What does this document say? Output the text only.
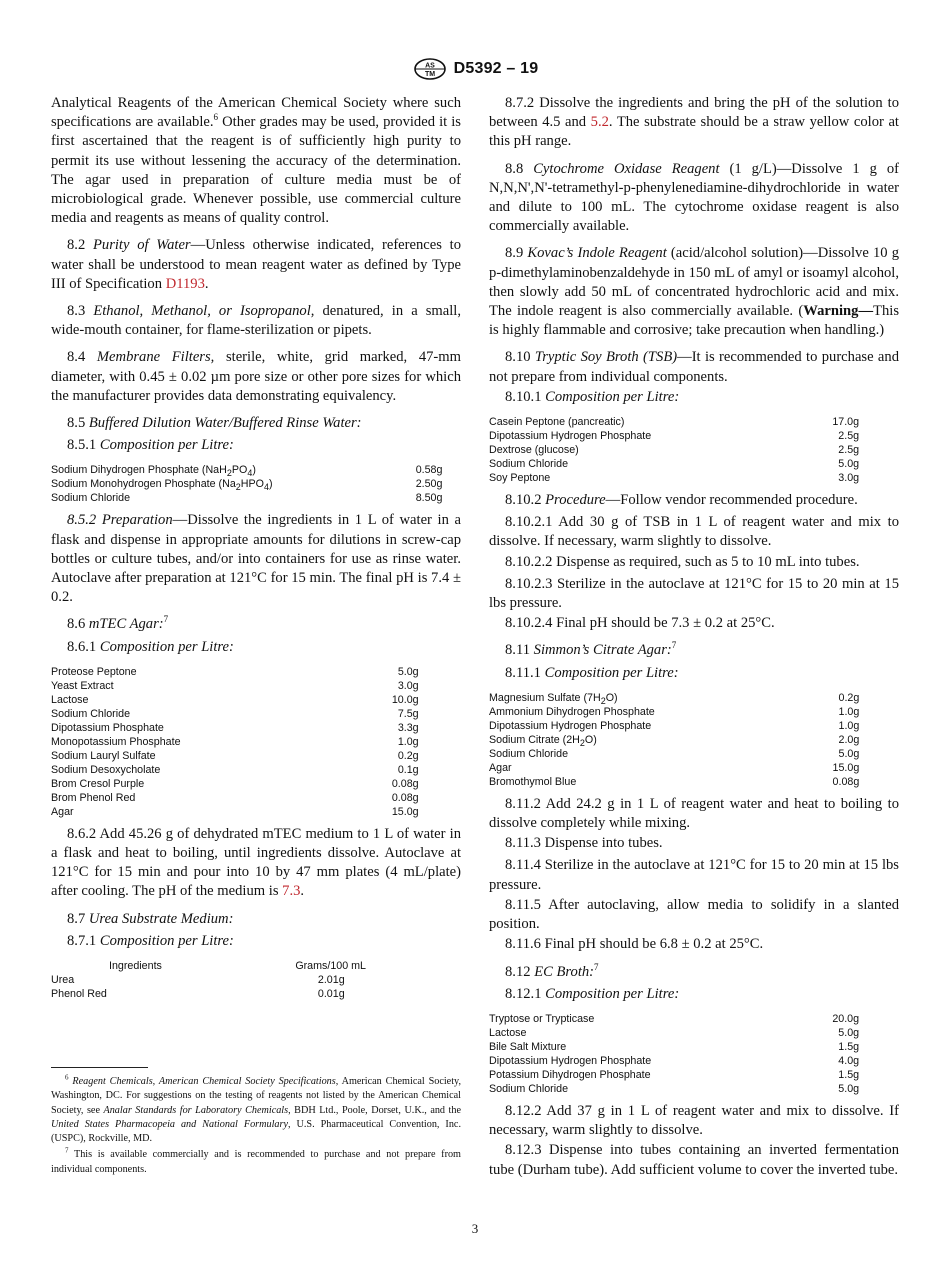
AS
TM D5392 – 19

Analytical Reagents of the American Chemical Society where such specifications are available.$^6$ Other grades may be used, provided it is first ascertained that the reagent is of sufficiently high purity to permit its use without lessening the accuracy of the determination. The agar used in preparation of culture media must be of microbiological grade. Whenever possible, use commercial culture media and reagents as means of quality control.

8.2 Purity of Water—Unless otherwise indicated, references to water shall be understood to mean reagent water as defined by Type III of Specification D1193.

8.3 Ethanol, Methanol, or Isopropanol, denatured, in a small, wide-mouth container, for flame-sterilization or pipets.

8.4 Membrane Filters, sterile, white, grid marked, 47-mm diameter, with 0.45 ± 0.02 µm pore size or other pore sizes for which the manufacturer provides data demonstrating equivalency.

8.5 Buffered Dilution Water/Buffered Rinse Water:

8.5.1 Composition per Litre:

Sodium Dihydrogen Phosphate $(NaH_2PO_4)$	0.58	g
Sodium Monohydrogen Phosphate $(Na_2HPO_4)$	2.50	g
Sodium Chloride	8.50	g

8.5.2 Preparation—Dissolve the ingredients in 1 L of water in a flask and dispense in appropriate amounts for dilutions in screw-cap bottles or culture tubes, and/or into containers for use as rinse water. Autoclave after preparation at 121°C for 15 min. The final pH is 7.4 ± 0.2.

8.6 mTEC Agar:$^7$

8.6.1 Composition per Litre:

Proteose Peptone	5.0	g
Yeast Extract	3.0	g
Lactose	10.0	g
Sodium Chloride	7.5	g
Dipotassium Phosphate	3.3	g
Monopotassium Phosphate	1.0	g
Sodium Lauryl Sulfate	0.2	g
Sodium Desoxycholate	0.1	g
Brom Cresol Purple	0.08	g
Brom Phenol Red	0.08	g
Agar	15.0	g

8.6.2 Add 45.26 g of dehydrated mTEC medium to 1 L of water in a flask and heat to boiling, until ingredients dissolve. Autoclave at 121°C for 15 min and pour into 10 by 47 mm plates (4 mL/plate) after cooling. The pH of the medium is 7.3.

8.7 Urea Substrate Medium:

8.7.1 Composition per Litre:

Ingredients	Grams/100 mL	
Urea	2.01	g
Phenol Red	0.01	g

$^6$ Reagent Chemicals, American Chemical Society Specifications, American Chemical Society, Washington, DC. For suggestions on the testing of reagents not listed by the American Chemical Society, see Analar Standards for Laboratory Chemicals, BDH Ltd., Poole, Dorset, U.K., and the United States Pharmacopeia and National Formulary, U.S. Pharmaceutical Convention, Inc. (USPC), Rockville, MD.

$^7$ This is available commercially and is recommended to purchase and not prepare from individual components.

8.7.2 Dissolve the ingredients and bring the pH of the solution to between 4.5 and 5.2. The substrate should be a straw yellow color at this pH range.

8.8 Cytochrome Oxidase Reagent (1 g/L)—Dissolve 1 g of N,N,N',N'-tetramethyl-p-phenylenediamine-dihydrochloride in water and dilute to 100 mL. The cytochrome oxidase reagent is also commercially available.

8.9 Kovac’s Indole Reagent (acid/alcohol solution)—Dissolve 10 g p-dimethylaminobenzaldehyde in 150 mL of amyl or isoamyl alcohol, then slowly add 50 mL of concentrated hydrochloric acid and mix. The indole reagent is also commercially available. (Warning—This is highly flammable and corrosive; take precaution when handling.)

8.10 Tryptic Soy Broth (TSB)—It is recommended to purchase and not prepare from individual components.

8.10.1 Composition per Litre:

Casein Peptone (pancreatic)	17.0	g
Dipotassium Hydrogen Phosphate	2.5	g
Dextrose (glucose)	2.5	g
Sodium Chloride	5.0	g
Soy Peptone	3.0	g

8.10.2 Procedure—Follow vendor recommended procedure.

8.10.2.1 Add 30 g of TSB in 1 L of reagent water and mix to dissolve. If necessary, warm slightly to dissolve.

8.10.2.2 Dispense as required, such as 5 to 10 mL into tubes.

8.10.2.3 Sterilize in the autoclave at 121°C for 15 to 20 min at 15 lbs pressure.

8.10.2.4 Final pH should be 7.3 ± 0.2 at 25°C.

8.11 Simmon’s Citrate Agar:$^7$

8.11.1 Composition per Litre:

Magnesium Sulfate $(7H_2O)$	0.2	g
Ammonium Dihydrogen Phosphate	1.0	g
Dipotassium Hydrogen Phosphate	1.0	g
Sodium Citrate $(2H_2O)$	2.0	g
Sodium Chloride	5.0	g
Agar	15.0	g
Bromothymol Blue	0.08	g

8.11.2 Add 24.2 g in 1 L of reagent water and heat to boiling to dissolve completely while mixing.

8.11.3 Dispense into tubes.

8.11.4 Sterilize in the autoclave at 121°C for 15 to 20 min at 15 lbs pressure.

8.11.5 After autoclaving, allow media to solidify in a slanted position.

8.11.6 Final pH should be 6.8 ± 0.2 at 25°C.

8.12 EC Broth:$^7$

8.12.1 Composition per Litre:

Tryptose or Trypticase	20.0	g
Lactose	5.0	g
Bile Salt Mixture	1.5	g
Dipotassium Hydrogen Phosphate	4.0	g
Potassium Dihydrogen Phosphate	1.5	g
Sodium Chloride	5.0	g

8.12.2 Add 37 g in 1 L of reagent water and mix to dissolve. If necessary, warm slightly to dissolve.

8.12.3 Dispense into tubes containing an inverted fermentation tube (Durham tube). Add sufficient volume to cover the inverted tube.

3
